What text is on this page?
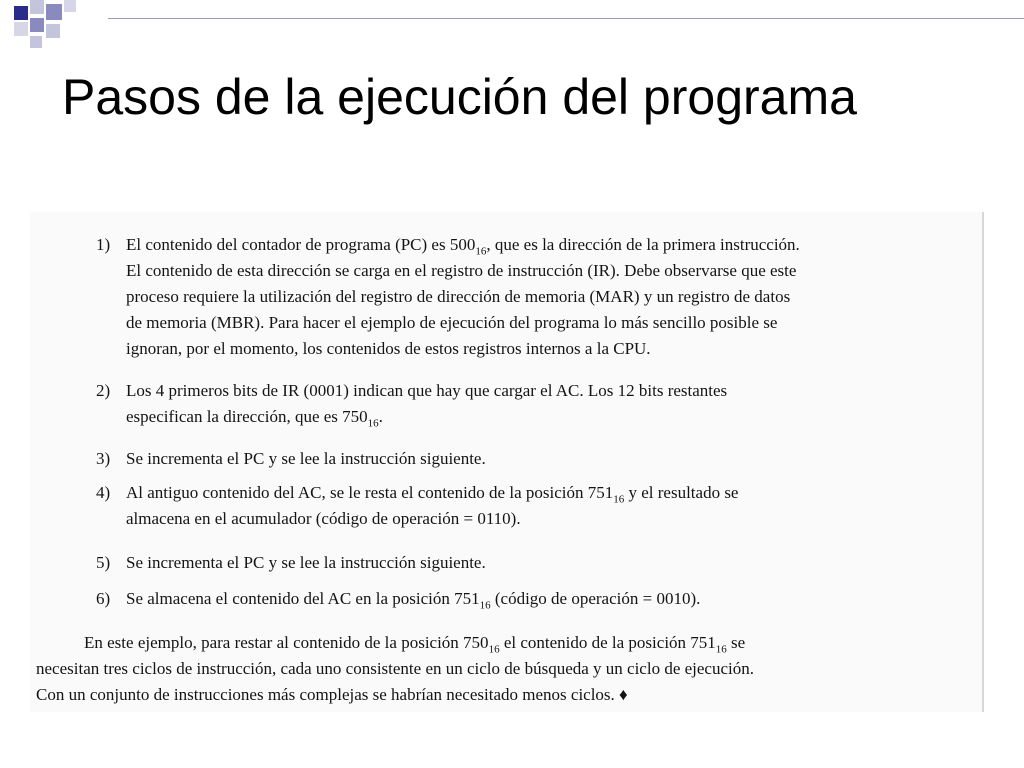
Pasos de la ejecución del programa
1) El contenido del contador de programa (PC) es $500_{16}$, que es la dirección de la primera instrucción.

El contenido de esta dirección se carga en el registro de instrucción (IR). Debe observarse que este

proceso requiere la utilización del registro de dirección de memoria (MAR) y un registro de datos

de memoria (MBR). Para hacer el ejemplo de ejecución del programa lo más sencillo posible se

ignoran, por el momento, los contenidos de estos registros internos a la CPU.

2) Los 4 primeros bits de IR (0001) indican que hay que cargar el AC. Los 12 bits restantes

especifican la dirección, que es $750_{16}$.

3) Se incrementa el PC y se lee la instrucción siguiente.

4) Al antiguo contenido del AC, se le resta el contenido de la posición $751_{16}$ y el resultado se

almacena en el acumulador (código de operación = 0110).

5) Se incrementa el PC y se lee la instrucción siguiente.

6) Se almacena el contenido del AC en la posición $751_{16}$ (código de operación = 0010).

En este ejemplo, para restar al contenido de la posición $750_{16}$ el contenido de la posición $751_{16}$ se

necesitan tres ciclos de instrucción, cada uno consistente en un ciclo de búsqueda y un ciclo de ejecución.

Con un conjunto de instrucciones más complejas se habrían necesitado menos ciclos. ♦
